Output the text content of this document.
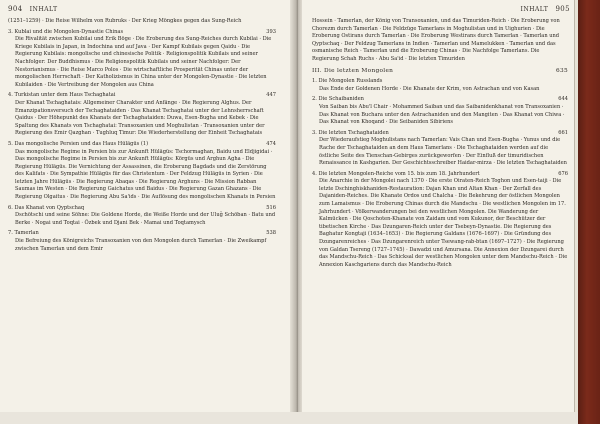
904 INHALT
(1251–1259) · Die Reise Wilhelm von Rubruks · Der Krieg Möngkes gegen das Sung-Reich
3. Kublai und die Mongolen-Dynastie Chinas	393
Die Rivalität zwischen Kubilai und Erik Böge · Die Eroberung des Sung-Reiches durch Kubilai · Die Kriege Kubilais in Japan, in Indochina und auf Java · Der Kampf Kubilais gegen Qaidu · Die Regierung Kubilais: mongolische und chinesische Politik · Religionspolitik Kubilais und seiner Nachfolger: Der Buddhismus · Die Religionspolitik Kubilais und seiner Nachfolger: Der Nestorianismus · Die Reise Marco Polos · Die wirtschaftliche Prosperität Chinas unter der mongolischen Herrschaft · Der Katholizismus in China unter der Mongolen-Dynastie · Die letzten Kubilaiden · Die Vertreibung der Mongolen aus China
4. Turkistan unter dem Haus Tschaghatai	447
Der Khanat Tschaghatais: Allgemeiner Charakter und Anfänge · Die Regierung Alghus. Der Emanzipationsversuch der Tschaghataiden · Das Khanat Tschaghatai unter der Lehnsherrschaft Qaidus · Der Höhepunkt des Khanats der Tschaghataiden: Duwa, Esen-Bugha und Kebek · Die Spaltung des Khanats von Tschaghatai: Transoxanien und Moghulistan · Transoxanien unter der Regierung des Emir Qazghan · Tughluq Timur: Die Wiederherstellung der Einheit Tschaghatais
5. Das mongolische Persien und das Haus Hülägüs (1)	474
Das mongolische Regime in Persien bis zur Ankunft Hülägüs: Tschormaghan, Baidu und Eldjigidai · Das mongolische Regime in Persien bis zur Ankunft Hülägüs: Körgüs und Arghun Agha · Die Regierung Hülägüs. Die Vernichtung der Assassinen, die Eroberung Bagdads und die Zerstörung des Kalifats · Die Sympathie Hülägüs für das Christentum · Der Feldzug Hülägüs in Syrien · Die letzten Jahre Hülägüs · Die Regierung Abaqas · Die Regierung Arghuns · Die Mission Rabban Saumas im Westen · Die Regierung Gaichatus und Baidus · Die Regierung Gazan Ghazans · Die Regierung Olgaitus · Die Regierung Abu Sa'ids · Die Auflösung des mongolischen Khanats in Persien
6. Das Khanat von Qyptschaq	516
Dschötschi und seine Söhne: Die Goldene Horde, die Weiße Horde und der Uluǧ Schöban · Batu und Berke · Nogai und Toqtai · Özbek und Djani Bek · Mamai und Toqtamysch
7. Tamerlan	538
Die Befreiung des Königreichs Transoxanien von den Mongolen durch Tamerlan · Die Zweikampf zwischen Tamerlan und dem Emir
INHALT 905
Hossein · Tamerlan, der König von Transoxanien, und das Timuriden-Reich · Die Eroberung von Chorezm durch Tamerlan · Die Feldzüge Tamerlans in Moghulistan und in Uighurien · Die Eroberung Ostirans durch Tamerlan · Die Eroberung Westirans durch Tamerlan · Tamerlan und Qyptschaq · Der Feldzug Tamerlans in Indien · Tamerlan und Mamelukken · Tamerlan und das osmanische Reich · Tamerlan und die Eroberung Chinas · Die Nachfolge Tamerlans. Die Regierung Schah Ruchs · Abu Sa'id · Die letzten Timuriden
III. Die letzten Mongolen	635
1. Die Mongolen Russlands
Das Ende der Goldenen Horde · Die Khanate der Krim, von Astrachan und von Kasan
2. Die Schaibaniden	644
Von Saiban bis Abu'l Chair · Mohammed Saiban und das Saibanidenkhanat von Transoxanien · Das Khanat von Buchara unter den Astrachaniden und den Mangiten · Das Khanat von Chiwa · Das Khanat von Khoqand · Die Seibaniden Sibiriens
3. Die letzten Tschaghataiden	661
Der Wiederaufstieg Moghulistans nach Tamerlan: Vais Chan und Esen-Bugha · Yunus und die Rache der Tschaghataiden an dem Haus Tamerlans · Die Tschaghataiden werden auf die östliche Seite des Tienschan-Gebirges zurückgeworfen · Der Einfluß der timuridischen Renaissance in Kashgarien. Der Geschichtsschreiber Haidar-mirza · Die letzten Tschaghataiden
4. Die letzten Mongolen-Reiche vom 15. bis zum 18. Jahrhundert	676
Die Anarchie in der Mongolei nach 1370 · Die erste Oiraten-Reich Toghon und Esen-taiji · Die letzte Dschinghiskhaniden-Restauration: Dajan Khan und Altan Khan · Der Zerfall des Dajaniden-Reiches. Die Khanate Ordos und Chalcha · Die Bekehrung der östlichen Mongolen zum Lamaismus · Die Eroberung Chinas durch die Mandschu · Die westlichen Mongolen im 17. Jahrhundert · Völkerwanderungen bei den westlichen Mongolen. Die Wanderung der Kalmücken · Die Qoschoten-Khanate von Zaidam und vom Kukunor, der Beschützer der tibetischen Kirche · Das Dzungaren-Reich unter der Tsebeyn-Dynastie. Die Regierung des Baghatur Kongtaji (1634–1653) · Die Regierung Galdans (1676–1697) · Die Gründung des Dzungarenreiches · Das Dzungarenreich unter Tsewang-rab-btan (1697–1727) · Die Regierung von Galdan Tsereng (1727–1745) · Dawadzi und Amursana. Die Annexion der Dzungarei durch das Mandschu-Reich · Das Schicksal der westlichen Mongolen unter dem Mandschu-Reich · Die Annexion Kaschgariens durch das Mandschu-Reich
